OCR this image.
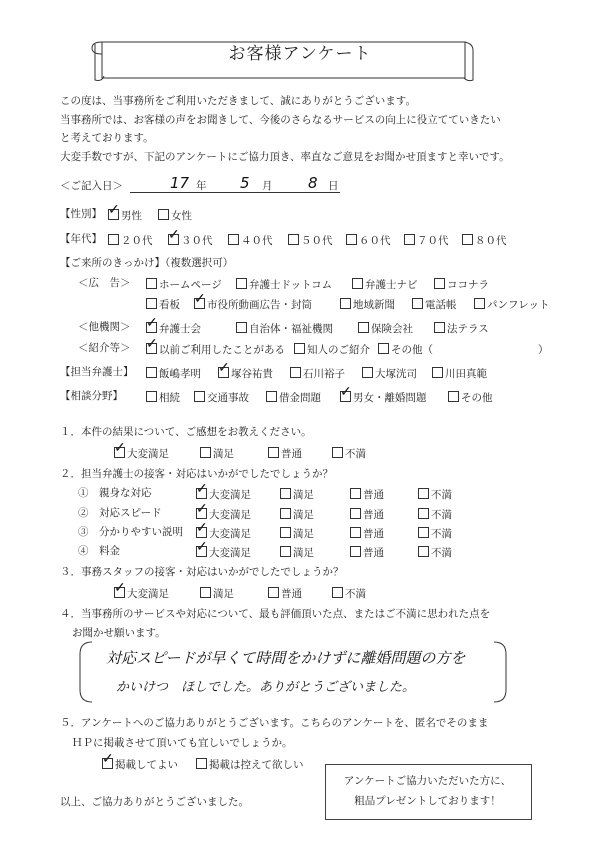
お客様アンケート
この度は、当事務所をご利用いただきまして、誠にありがとうございます。
当事務所では、お客様の声をお聞きして、今後のさらなるサービスの向上に役立てていきたい
と考えております。
大変手数ですが、下記のアンケートにご協力頂き、率直なご意見をお聞かせ頂ますと幸いです。
＜ご記入日＞	17 年 5 月 8 日
【性別】 ✓	男性	女性
【年代】	２０代 ✓	３０代	４０代	５０代	６０代	７０代	８０代
【ご来所のきっかけ】（複数選択可）
＜広　告＞	ホームページ	弁護士ドットコム	弁護士ナビ	ココナラ
看板 ✓	市役所動画広告・封筒	地域新聞	電話帳	パンフレット
＜他機関＞ ✓	弁護士会	自治体・福祉機関	保険会社	法テラス
＜紹介等＞ ✓	以前ご利用したことがある	知人のご紹介	その他（　　　　　　　　　　）
【担当弁護士】	飯嶋孝明 ✓	塚谷祐貴	石川裕子	大塚洸司	川田真範
【相談分野】	相続	交通事故	借金問題 ✓	男女・離婚問題	その他
１．本件の結果について、ご感想をお教えください。
✓大変満足	満足	普通	不満
２．担当弁護士の接客・対応はいかがでしたでしょうか？
①　親身な対応 ✓	大変満足	満足	普通	不満
②　対応スピード ✓	大変満足	満足	普通	不満
③　分かりやすい説明 ✓	大変満足	満足	普通	不満
④　料金 ✓	大変満足	満足	普通	不満
３．事務スタッフの接客・対応はいかがでしたでしょうか？
✓大変満足	満足	普通	不満
４．当事務所のサービスや対応について、最も評価頂いた点、またはご不満に思われた点を
お聞かせ願います。
対応スピードが早くて時間をかけずに離婚問題の方を
かいけつ　ほしでした。ありがとうございました。
５．アンケートへのご協力ありがとうございます。こちらのアンケートを、匿名でそのまま
ＨＰに掲載させて頂いても宜しいでしょうか。
✓掲載してよい	掲載は控えて欲しい
以上、ご協力ありがとうございました。
アンケートご協力いただいた方に、
粗品プレゼントしております！
